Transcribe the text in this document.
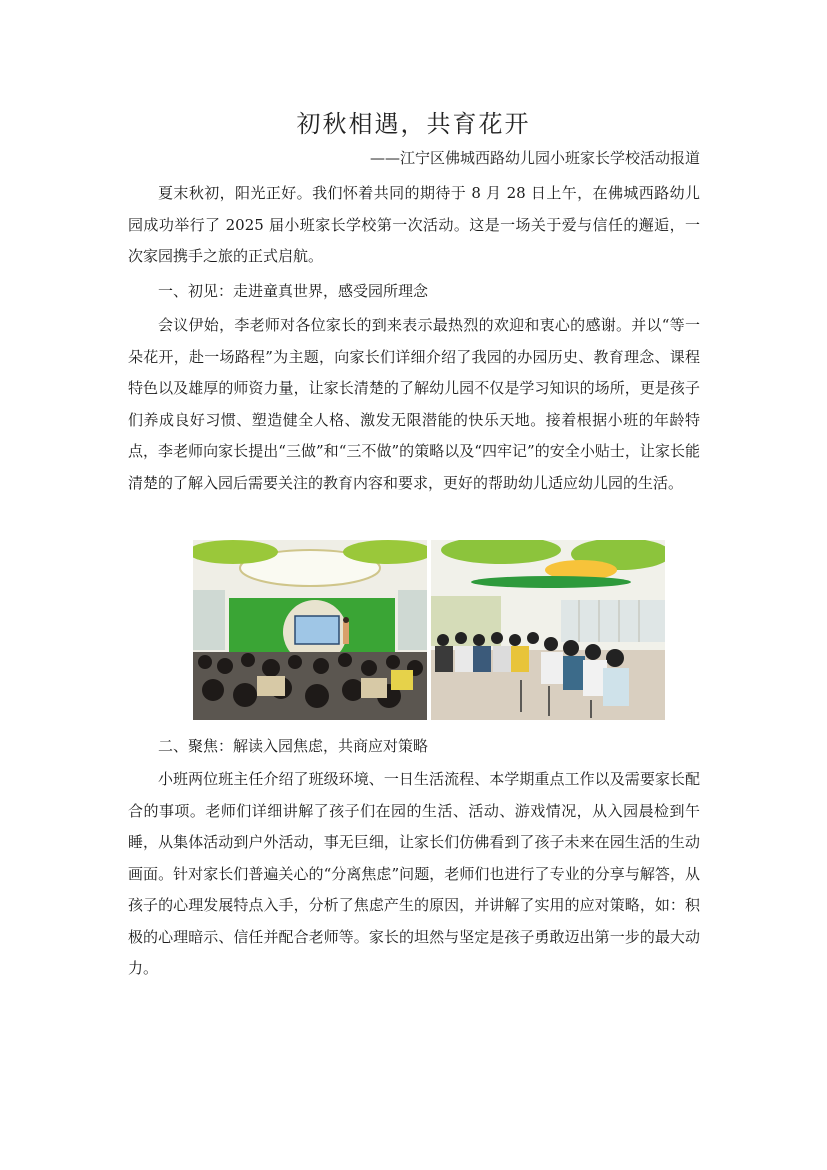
初秋相遇，共育花开
——江宁区佛城西路幼儿园小班家长学校活动报道

夏末秋初，阳光正好。我们怀着共同的期待于 8 月 28 日上午，在佛城西路幼儿园成功举行了 2025 届小班家长学校第一次活动。这是一场关于爱与信任的邂逅，一次家园携手之旅的正式启航。

一、初见：走进童真世界，感受园所理念

会议伊始，李老师对各位家长的到来表示最热烈的欢迎和衷心的感谢。并以“等一朵花开，赴一场路程”为主题，向家长们详细介绍了我园的办园历史、教育理念、课程特色以及雄厚的师资力量，让家长清楚的了解幼儿园不仅是学习知识的场所，更是孩子们养成良好习惯、塑造健全人格、激发无限潜能的快乐天地。接着根据小班的年龄特点，李老师向家长提出“三做”和“三不做”的策略以及“四牢记”的安全小贴士，让家长能清楚的了解入园后需要关注的教育内容和要求，更好的帮助幼儿适应幼儿园的生活。

二、聚焦：解读入园焦虑，共商应对策略

小班两位班主任介绍了班级环境、一日生活流程、本学期重点工作以及需要家长配合的事项。老师们详细讲解了孩子们在园的生活、活动、游戏情况，从入园晨检到午睡，从集体活动到户外活动，事无巨细，让家长们仿佛看到了孩子未来在园生活的生动画面。针对家长们普遍关心的“分离焦虑”问题，老师们也进行了专业的分享与解答，从孩子的心理发展特点入手，分析了焦虑产生的原因，并讲解了实用的应对策略，如：积极的心理暗示、信任并配合老师等。家长的坦然与坚定是孩子勇敢迈出第一步的最大动力。
